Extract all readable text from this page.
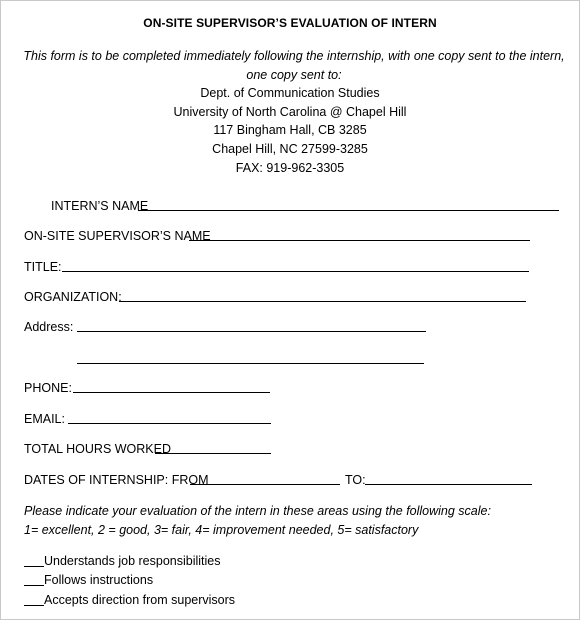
ON-SITE SUPERVISOR’S EVALUATION OF INTERN
This form is to be completed immediately following the internship, with one copy sent to the intern,
one copy sent to:
Dept. of Communication Studies
University of North Carolina @ Chapel Hill
117 Bingham Hall, CB 3285
Chapel Hill, NC 27599-3285
FAX: 919-962-3305
INTERN’S NAME
ON-SITE SUPERVISOR’S NAME
TITLE:
ORGANIZATION:
Address:
PHONE:
EMAIL:
TOTAL HOURS WORKED
DATES OF INTERNSHIP: FROM	TO:
Please indicate your evaluation of the intern in these areas using the following scale:
1= excellent, 2 = good, 3= fair, 4= improvement needed, 5= satisfactory
Understands job responsibilities
Follows instructions
Accepts direction from supervisors
